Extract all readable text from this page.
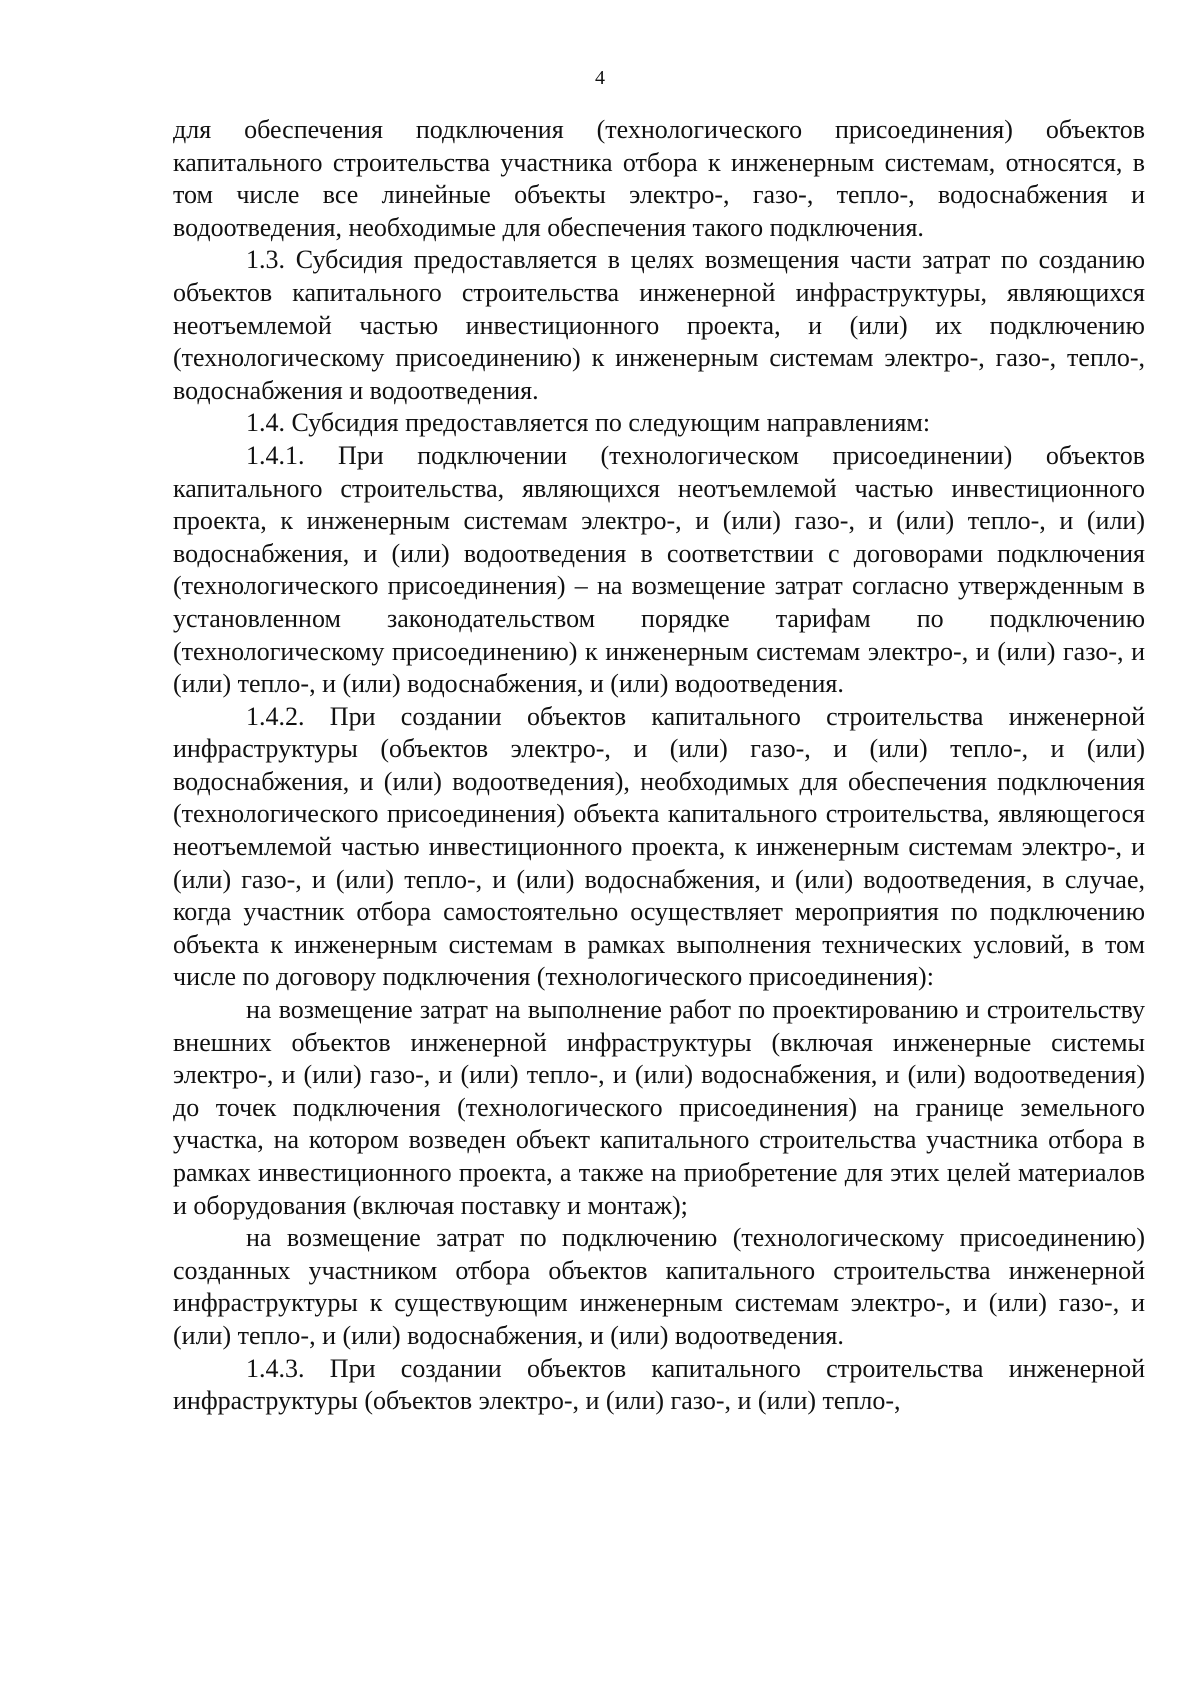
4

для обеспечения подключения (технологического присоединения) объектов капитального строительства участника отбора к инженерным системам, относятся, в том числе все линейные объекты электро-, газо-, тепло-, водоснабжения и водоотведения, необходимые для обеспечения такого подключения.

1.3. Субсидия предоставляется в целях возмещения части затрат по созданию объектов капитального строительства инженерной инфраструктуры, являющихся неотъемлемой частью инвестиционного проекта, и (или) их подключению (технологическому присоединению) к инженерным системам электро-, газо-, тепло-, водоснабжения и водоотведения.

1.4. Субсидия предоставляется по следующим направлениям:

1.4.1. При подключении (технологическом присоединении) объектов капитального строительства, являющихся неотъемлемой частью инвестиционного проекта, к инженерным системам электро-, и (или) газо-, и (или) тепло-, и (или) водоснабжения, и (или) водоотведения в соответствии с договорами подключения (технологического присоединения) – на возмещение затрат согласно утвержденным в установленном законодательством порядке тарифам по подключению (технологическому присоединению) к инженерным системам электро-, и (или) газо-, и (или) тепло-, и (или) водоснабжения, и (или) водоотведения.

1.4.2. При создании объектов капитального строительства инженерной инфраструктуры (объектов электро-, и (или) газо-, и (или) тепло-, и (или) водоснабжения, и (или) водоотведения), необходимых для обеспечения подключения (технологического присоединения) объекта капитального строительства, являющегося неотъемлемой частью инвестиционного проекта, к инженерным системам электро-, и (или) газо-, и (или) тепло-, и (или) водоснабжения, и (или) водоотведения, в случае, когда участник отбора самостоятельно осуществляет мероприятия по подключению объекта к инженерным системам в рамках выполнения технических условий, в том числе по договору подключения (технологического присоединения):

на возмещение затрат на выполнение работ по проектированию и строительству внешних объектов инженерной инфраструктуры (включая инженерные системы электро-, и (или) газо-, и (или) тепло-, и (или) водоснабжения, и (или) водоотведения) до точек подключения (технологического присоединения) на границе земельного участка, на котором возведен объект капитального строительства участника отбора в рамках инвестиционного проекта, а также на приобретение для этих целей материалов и оборудования (включая поставку и монтаж);

на возмещение затрат по подключению (технологическому присоединению) созданных участником отбора объектов капитального строительства инженерной инфраструктуры к существующим инженерным системам электро-, и (или) газо-, и (или) тепло-, и (или) водоснабжения, и (или) водоотведения.

1.4.3. При создании объектов капитального строительства инженерной инфраструктуры (объектов электро-, и (или) газо-, и (или) тепло-,
